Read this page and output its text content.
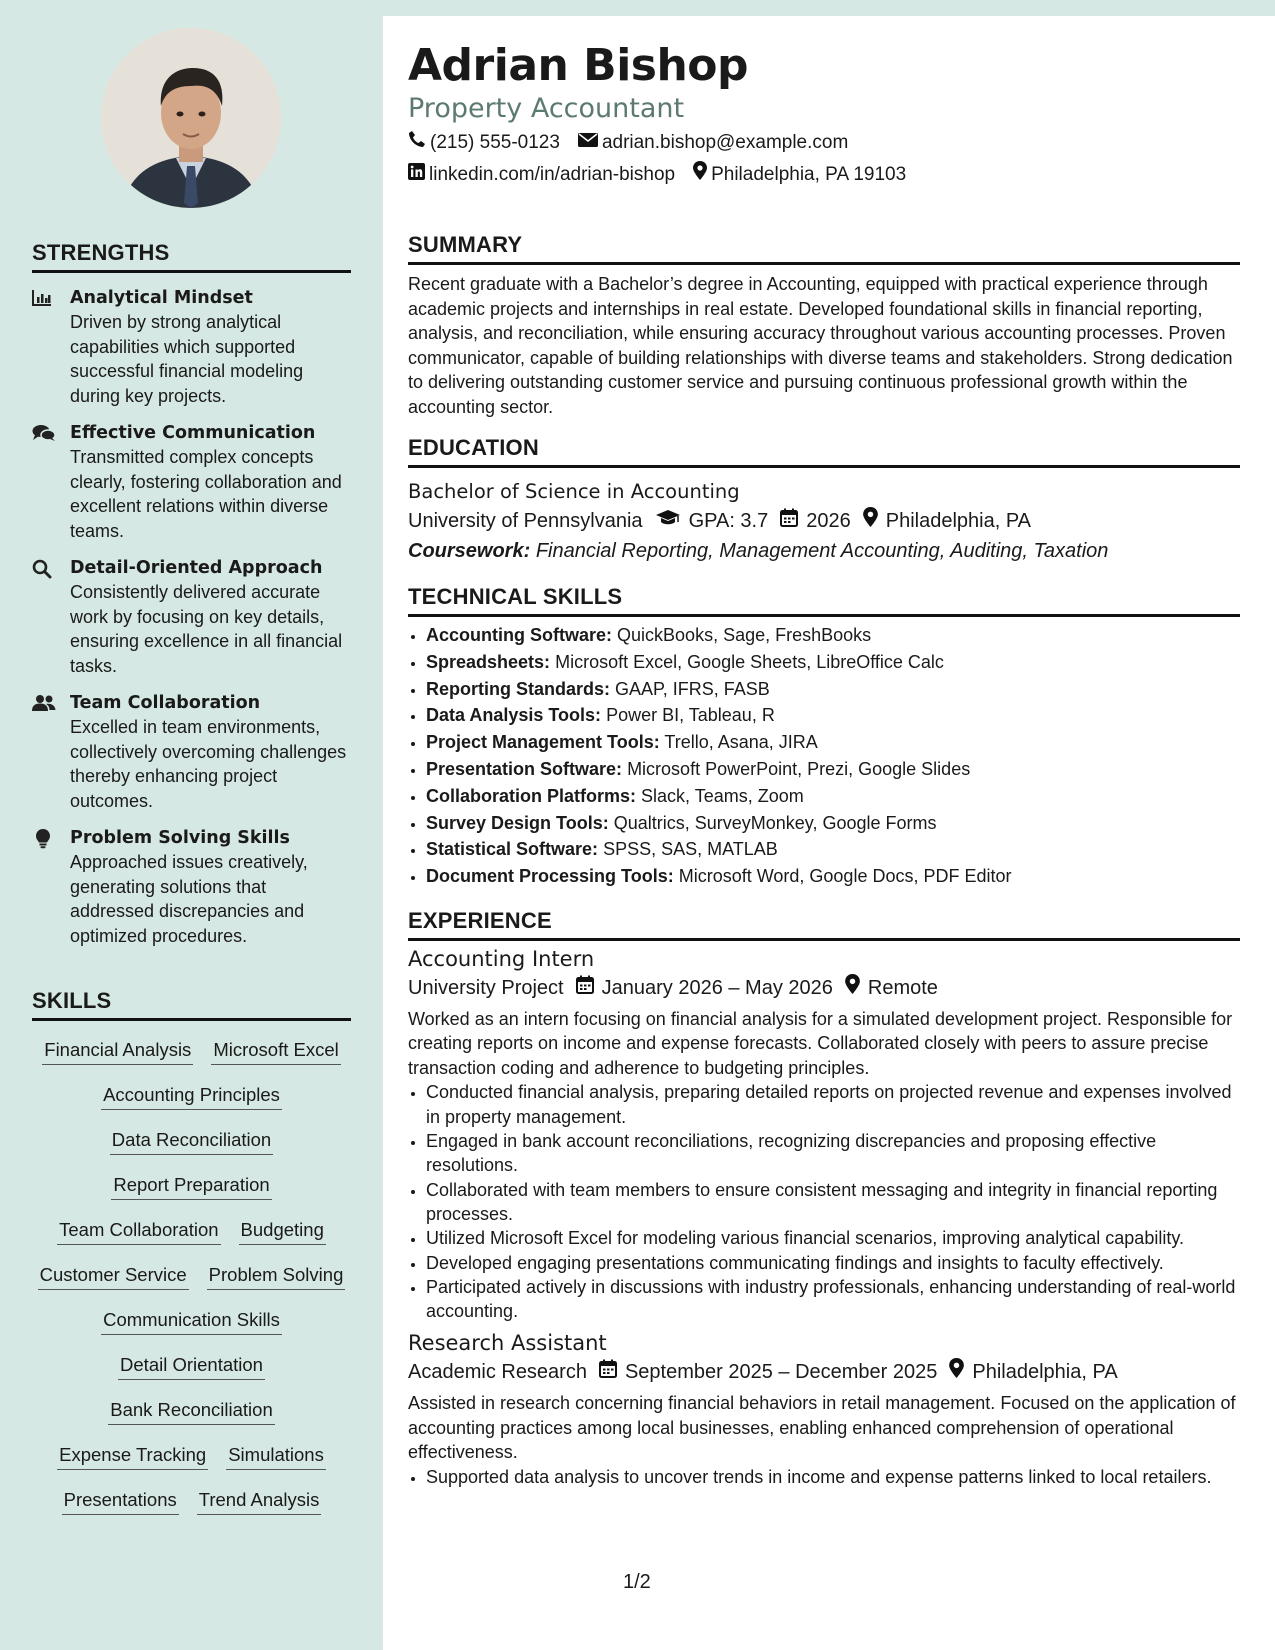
STRENGTHS
Analytical Mindset
Driven by strong analytical capabilities which supported successful financial modeling during key projects.
Effective Communication
Transmitted complex concepts clearly, fostering collaboration and excellent relations within diverse teams.
Detail-Oriented Approach
Consistently delivered accurate work by focusing on key details, ensuring excellence in all financial tasks.
Team Collaboration
Excelled in team environments, collectively overcoming challenges thereby enhancing project outcomes.
Problem Solving Skills
Approached issues creatively, generating solutions that addressed discrepancies and optimized procedures.
SKILLS
Financial Analysis Microsoft Excel
Accounting Principles
Data Reconciliation
Report Preparation
Team Collaboration Budgeting
Customer Service Problem Solving
Communication Skills
Detail Orientation
Bank Reconciliation
Expense Tracking Simulations
Presentations Trend Analysis
Adrian Bishop
Property Accountant
(215) 555-0123 adrian.bishop@example.com
linkedin.com/in/adrian-bishop Philadelphia, PA 19103
SUMMARY

Recent graduate with a Bachelor’s degree in Accounting, equipped with practical experience through academic projects and internships in real estate. Developed foundational skills in financial reporting, analysis, and reconciliation, while ensuring accuracy throughout various accounting processes. Proven communicator, capable of building relationships with diverse teams and stakeholders. Strong dedication to delivering outstanding customer service and pursuing continuous professional growth within the accounting sector.

EDUCATION
Bachelor of Science in Accounting
University of Pennsylvania GPA: 3.7 2026 Philadelphia, PA
Coursework: Financial Reporting, Management Accounting, Auditing, Taxation
TECHNICAL SKILLS
• Accounting Software: QuickBooks, Sage, FreshBooks
• Spreadsheets: Microsoft Excel, Google Sheets, LibreOffice Calc
• Reporting Standards: GAAP, IFRS, FASB
• Data Analysis Tools: Power BI, Tableau, R
• Project Management Tools: Trello, Asana, JIRA
• Presentation Software: Microsoft PowerPoint, Prezi, Google Slides
• Collaboration Platforms: Slack, Teams, Zoom
• Survey Design Tools: Qualtrics, SurveyMonkey, Google Forms
• Statistical Software: SPSS, SAS, MATLAB
• Document Processing Tools: Microsoft Word, Google Docs, PDF Editor
EXPERIENCE
Accounting Intern
University Project January 2026 – May 2026 Remote

Worked as an intern focusing on financial analysis for a simulated development project. Responsible for creating reports on income and expense forecasts. Collaborated closely with peers to assure precise transaction coding and adherence to budgeting principles.

• Conducted financial analysis, preparing detailed reports on projected revenue and expenses involved in property management.
• Engaged in bank account reconciliations, recognizing discrepancies and proposing effective resolutions.
• Collaborated with team members to ensure consistent messaging and integrity in financial reporting processes.
• Utilized Microsoft Excel for modeling various financial scenarios, improving analytical capability.
• Developed engaging presentations communicating findings and insights to faculty effectively.
• Participated actively in discussions with industry professionals, enhancing understanding of real-world accounting.
Research Assistant
Academic Research September 2025 – December 2025 Philadelphia, PA

Assisted in research concerning financial behaviors in retail management. Focused on the application of accounting practices among local businesses, enabling enhanced comprehension of operational effectiveness.

• Supported data analysis to uncover trends in income and expense patterns linked to local retailers.
1/2
